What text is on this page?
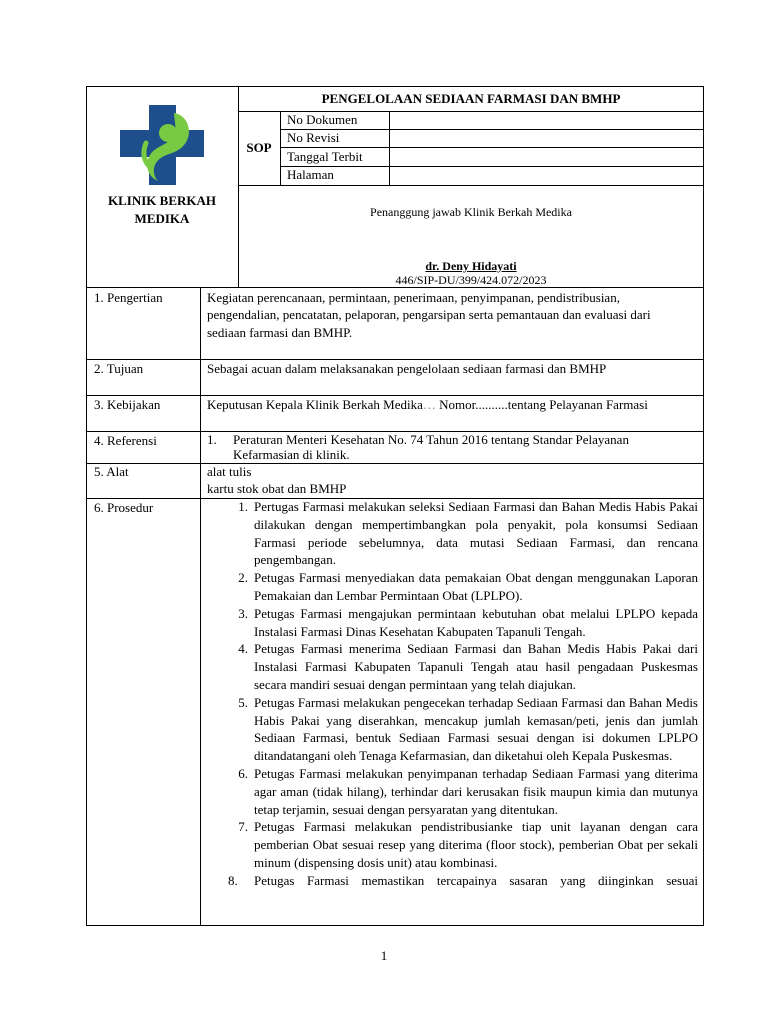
KLINIK BERKAH
MEDIKA
PENGELOLAAN SEDIAAN FARMASI DAN BMHP
SOP
No Dokumen
No Revisi
Tanggal Terbit
Halaman
Penanggung jawab Klinik Berkah Medika
dr. Deny Hidayati
446/SIP-DU/399/424.072/2023
1. Pengertian	Kegiatan perencanaan, permintaan, penerimaan, penyimpanan, pendistribusian,
pengendalian, pencatatan, pelaporan, pengarsipan serta pemantauan dan evaluasi dari
sediaan farmasi dan BMHP.
2. Tujuan	Sebagai acuan dalam melaksanakan pengelolaan sediaan farmasi dan BMHP
3. Kebijakan	Keputusan Kepala Klinik Berkah Medika… Nomor..........tentang Pelayanan Farmasi
4. Referensi	1. Peraturan Menteri Kesehatan No. 74 Tahun 2016 tentang Standar Pelayanan
Kefarmasian di klinik.
5. Alat	alat tulis
kartu stok obat dan BMHP
6. Prosedur	1. Pertugas Farmasi melakukan seleksi Sediaan Farmasi dan Bahan Medis Habis Pakai dilakukan dengan mempertimbangkan pola penyakit, pola konsumsi Sediaan Farmasi periode sebelumnya, data mutasi Sediaan Farmasi, dan rencana pengembangan.
2. Petugas Farmasi menyediakan data pemakaian Obat dengan menggunakan Laporan Pemakaian dan Lembar Permintaan Obat (LPLPO).
3. Petugas Farmasi mengajukan permintaan kebutuhan obat melalui LPLPO kepada Instalasi Farmasi Dinas Kesehatan Kabupaten Tapanuli Tengah.
4. Petugas Farmasi menerima Sediaan Farmasi dan Bahan Medis Habis Pakai dari Instalasi Farmasi Kabupaten Tapanuli Tengah atau hasil pengadaan Puskesmas secara mandiri sesuai dengan permintaan yang telah diajukan.
5. Petugas Farmasi melakukan pengecekan terhadap Sediaan Farmasi dan Bahan Medis Habis Pakai yang diserahkan, mencakup jumlah kemasan/peti, jenis dan jumlah Sediaan Farmasi, bentuk Sediaan Farmasi sesuai dengan isi dokumen LPLPO ditandatangani oleh Tenaga Kefarmasian, dan diketahui oleh Kepala Puskesmas.
6. Petugas Farmasi melakukan penyimpanan terhadap Sediaan Farmasi yang diterima agar aman (tidak hilang), terhindar dari kerusakan fisik maupun kimia dan mutunya tetap terjamin, sesuai dengan persyaratan yang ditentukan.
7. Petugas Farmasi melakukan pendistribusianke tiap unit layanan dengan cara pemberian Obat sesuai resep yang diterima (floor stock), pemberian Obat per sekali minum (dispensing dosis unit) atau kombinasi.
8.	Petugas Farmasi memastikan tercapainya sasaran yang diinginkan sesuai
1
